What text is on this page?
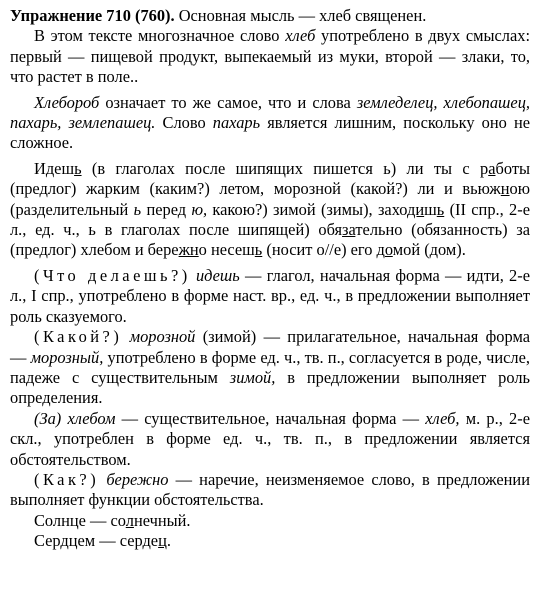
Упражнение 710 (760). Основная мысль — хлеб священен.

В этом тексте многозначное слово хлеб употреблено в двух смыслах: первый — пищевой продукт, выпекаемый из муки, второй — злаки, то, что растет в поле..

Хлебороб означает то же самое, что и слова земледелец, хлебопашец, пахарь, землепашец. Слово пахарь является лишним, поскольку оно не сложное.

Идешь (в глаголах после шипящих пишется ь) ли ты с работы (предлог) жарким (каким?) летом, морозной (какой?) ли и вьюжною (разделительный ь перед ю, какою?) зимой (зимы), заходишь (II спр., 2-е л., ед. ч., ь в глаголах после шипящей) обязательно (обязанность) за (предлог) хлебом и бережно несешь (носит о//е) его домой (дом).

(Что делаешь?) идешь — глагол, начальная форма — идти, 2-е л., I спр., употреблено в форме наст. вр., ед. ч., в предложении выполняет роль сказуемого.

(Какой?) морозной (зимой) — прилагательное, начальная форма — морозный, употреблено в форме ед. ч., тв. п., согласуется в роде, числе, падеже с существительным зимой, в предложении выполняет роль определения.

(За) хлебом — существительное, начальная форма — хлеб, м. р., 2-е скл., употреблен в форме ед. ч., тв. п., в предложении является обстоятельством.

(Как?) бережно — наречие, неизменяемое слово, в предложении выполняет функции обстоятельства.

Солнце — солнечный.

Сердцем — сердец.
